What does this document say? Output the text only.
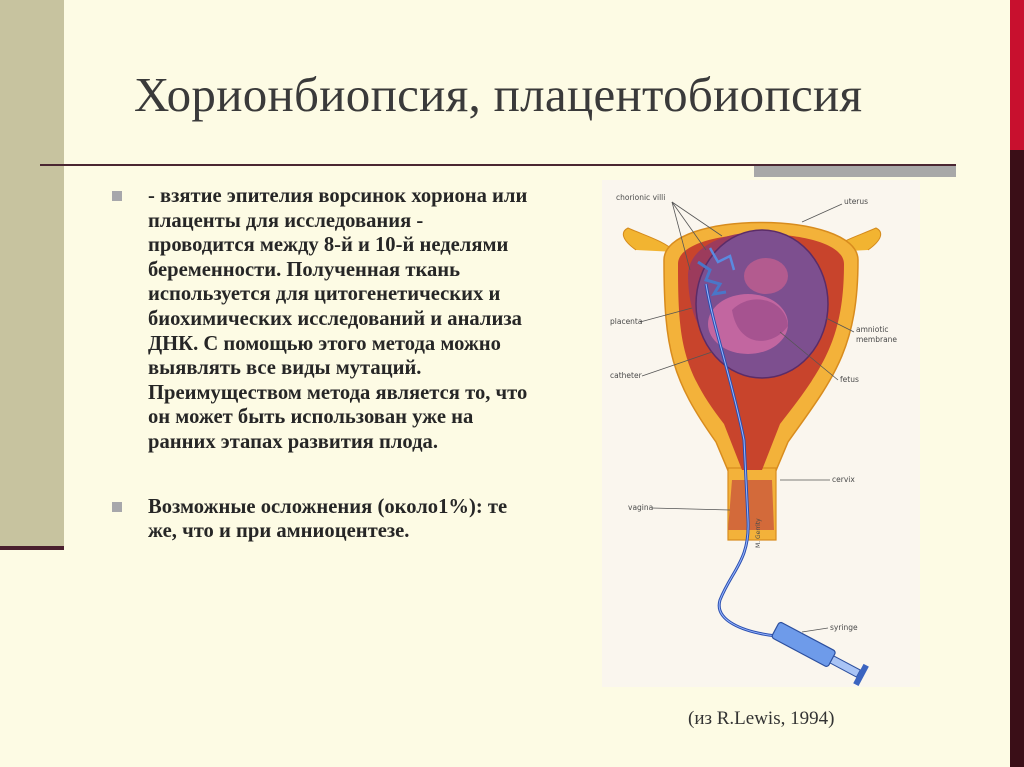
Хорионбиопсия, плацентобиопсия
- взятие эпителия ворсинок хориона или плаценты для исследования - проводится между 8-й и 10-й неделями беременности. Полученная ткань используется для цитогенетических и биохимических исследований и анализа ДНК. С помощью этого метода можно выявлять все виды мутаций. Преимуществом метода является то, что он может быть использован уже на ранних этапах развития плода.
Возможные осложнения (около1%): те же, что и при амниоцентезе.
chorionic villi	uterus
placenta
amniotic
membrane
catheter	fetus
cervix
vagina
syringe
M. Gerrity
(из R.Lewis, 1994)
